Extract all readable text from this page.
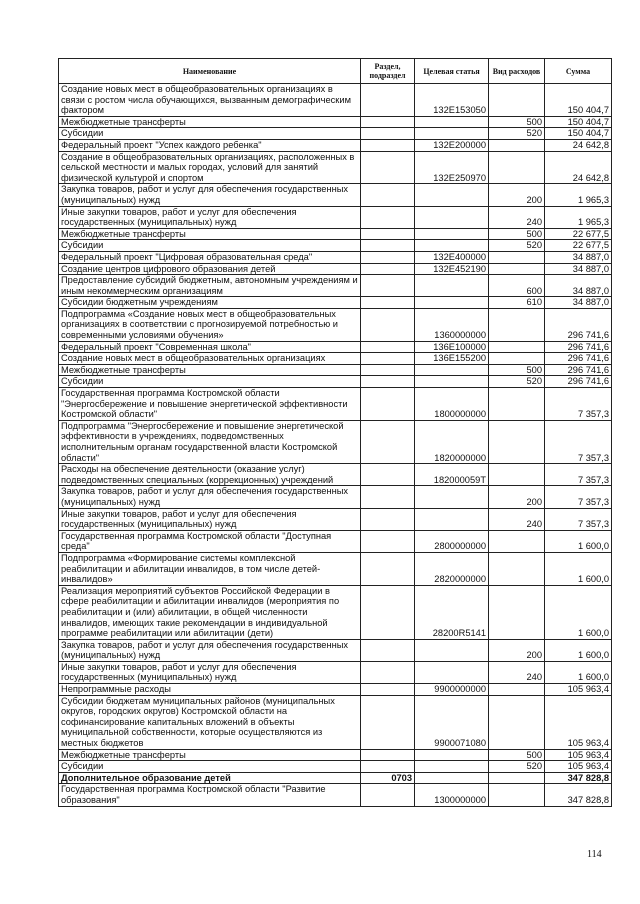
Наименование	Раздел, подраздел	Целевая статья	Вид расходов	Сумма
Создание новых мест в общеобразовательных организациях в связи с ростом числа обучающихся, вызванным демографическим фактором		132E153050		150 404,7
Межбюджетные трансферты			500	150 404,7
Субсидии			520	150 404,7
Федеральный проект "Успех каждого ребенка"		132E200000		24 642,8
Создание в общеобразовательных организациях, расположенных в сельской местности и малых городах, условий для занятий физической культурой и спортом		132E250970		24 642,8
Закупка товаров, работ и услуг для обеспечения государственных (муниципальных) нужд			200	1 965,3
Иные закупки товаров, работ и услуг для обеспечения государственных (муниципальных) нужд			240	1 965,3
Межбюджетные трансферты			500	22 677,5
Субсидии			520	22 677,5
Федеральный проект "Цифровая образовательная среда"		132E400000		34 887,0
Создание центров цифрового образования детей		132E452190		34 887,0
Предоставление субсидий бюджетным, автономным учреждениям и иным некоммерческим организациям			600	34 887,0
Субсидии бюджетным учреждениям			610	34 887,0
Подпрограмма «Создание новых мест в общеобразовательных организациях в соответствии с прогнозируемой потребностью и современными условиями обучения»		1360000000		296 741,6
Федеральный проект "Современная школа"		136E100000		296 741,6
Создание новых мест в общеобразовательных организациях		136E155200		296 741,6
Межбюджетные трансферты			500	296 741,6
Субсидии			520	296 741,6
Государственная программа Костромской области "Энергосбережение и повышение энергетической эффективности Костромской области"		1800000000		7 357,3
Подпрограмма "Энергосбережение и повышение энергетической эффективности в учреждениях, подведомственных исполнительным органам государственной власти Костромской области"		1820000000		7 357,3
Расходы на обеспечение деятельности (оказание услуг) подведомственных специальных (коррекционных) учреждений		182000059Т		7 357,3
Закупка товаров, работ и услуг для обеспечения государственных (муниципальных) нужд			200	7 357,3
Иные закупки товаров, работ и услуг для обеспечения государственных (муниципальных) нужд			240	7 357,3
Государственная программа Костромской области "Доступная среда"		2800000000		1 600,0
Подпрограмма «Формирование системы комплексной реабилитации и абилитации инвалидов, в том числе детей-инвалидов»		2820000000		1 600,0
Реализация мероприятий субъектов Российской Федерации в сфере реабилитации и абилитации инвалидов (мероприятия по реабилитации и (или) абилитации, в общей численности инвалидов, имеющих такие рекомендации в индивидуальной программе реабилитации или абилитации (дети)		28200R5141		1 600,0
Закупка товаров, работ и услуг для обеспечения государственных (муниципальных) нужд			200	1 600,0
Иные закупки товаров, работ и услуг для обеспечения государственных (муниципальных) нужд			240	1 600,0
Непрограммные расходы		9900000000		105 963,4
Субсидии бюджетам муниципальных районов (муниципальных округов, городских округов) Костромской области на софинансирование капитальных вложений в объекты муниципальной собственности, которые осуществляются из местных бюджетов		9900071080		105 963,4
Межбюджетные трансферты			500	105 963,4
Субсидии			520	105 963,4
Дополнительное образование детей	0703			347 828,8
Государственная программа Костромской области "Развитие образования"		1300000000		347 828,8
114
